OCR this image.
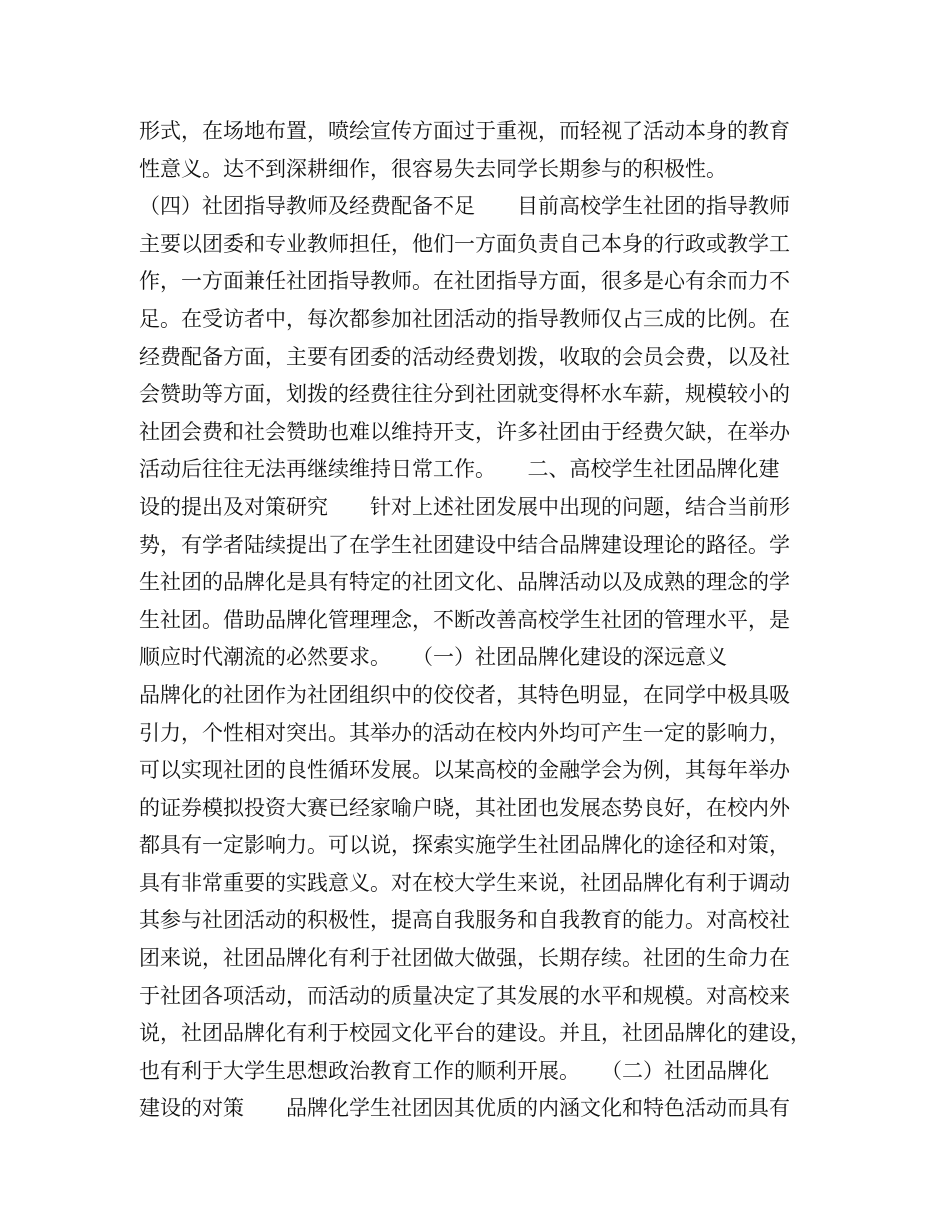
形式，在场地布置，喷绘宣传方面过于重视，而轻视了活动本身的教育
性意义。达不到深耕细作，很容易失去同学长期参与的积极性。
（四）社团指导教师及经费配备不足　　目前高校学生社团的指导教师
主要以团委和专业教师担任，他们一方面负责自己本身的行政或教学工
作，一方面兼任社团指导教师。在社团指导方面，很多是心有余而力不
足。在受访者中，每次都参加社团活动的指导教师仅占三成的比例。在
经费配备方面，主要有团委的活动经费划拨，收取的会员会费，以及社
会赞助等方面，划拨的经费往往分到社团就变得杯水车薪，规模较小的
社团会费和社会赞助也难以维持开支，许多社团由于经费欠缺，在举办
活动后往往无法再继续维持日常工作。　　二、高校学生社团品牌化建
设的提出及对策研究　　针对上述社团发展中出现的问题，结合当前形
势，有学者陆续提出了在学生社团建设中结合品牌建设理论的路径。学
生社团的品牌化是具有特定的社团文化、品牌活动以及成熟的理念的学
生社团。借助品牌化管理理念，不断改善高校学生社团的管理水平，是
顺应时代潮流的必然要求。　　（一）社团品牌化建设的深远意义
品牌化的社团作为社团组织中的佼佼者，其特色明显，在同学中极具吸
引力，个性相对突出。其举办的活动在校内外均可产生一定的影响力，
可以实现社团的良性循环发展。以某高校的金融学会为例，其每年举办
的证券模拟投资大赛已经家喻户晓，其社团也发展态势良好，在校内外
都具有一定影响力。可以说，探索实施学生社团品牌化的途径和对策，
具有非常重要的实践意义。对在校大学生来说，社团品牌化有利于调动
其参与社团活动的积极性，提高自我服务和自我教育的能力。对高校社
团来说，社团品牌化有利于社团做大做强，长期存续。社团的生命力在
于社团各项活动，而活动的质量决定了其发展的水平和规模。对高校来
说，社团品牌化有利于校园文化平台的建设。并且，社团品牌化的建设，
也有利于大学生思想政治教育工作的顺利开展。　　（二）社团品牌化
建设的对策　　品牌化学生社团因其优质的内涵文化和特色活动而具有
